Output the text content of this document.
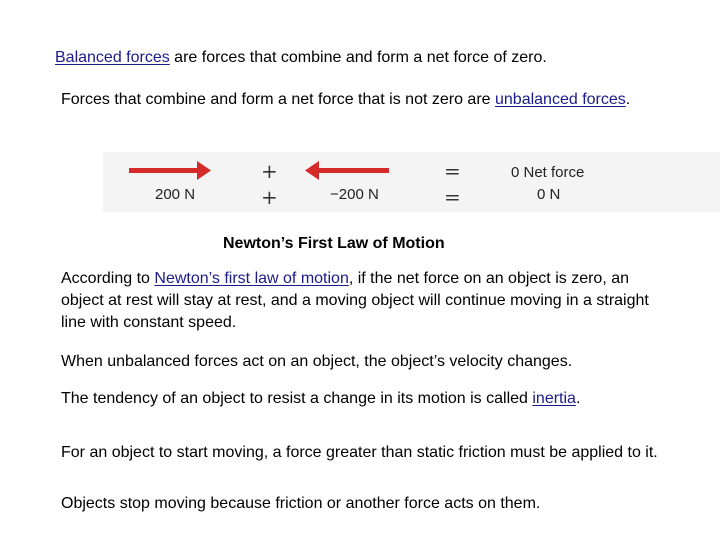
Balanced forces are forces that combine and form a net force of zero.

Forces that combine and form a net force that is not zero are unbalanced forces.

200 N
+
+	−200 N
=
=
0 Net force
0 N

Newton’s First Law of Motion

According to Newton’s first law of motion, if the net force on an object is zero, an object at rest will stay at rest, and a moving object will continue moving in a straight line with constant speed.

When unbalanced forces act on an object, the object’s velocity changes.

The tendency of an object to resist a change in its motion is called inertia.

For an object to start moving, a force greater than static friction must be applied to it.

Objects stop moving because friction or another force acts on them.
